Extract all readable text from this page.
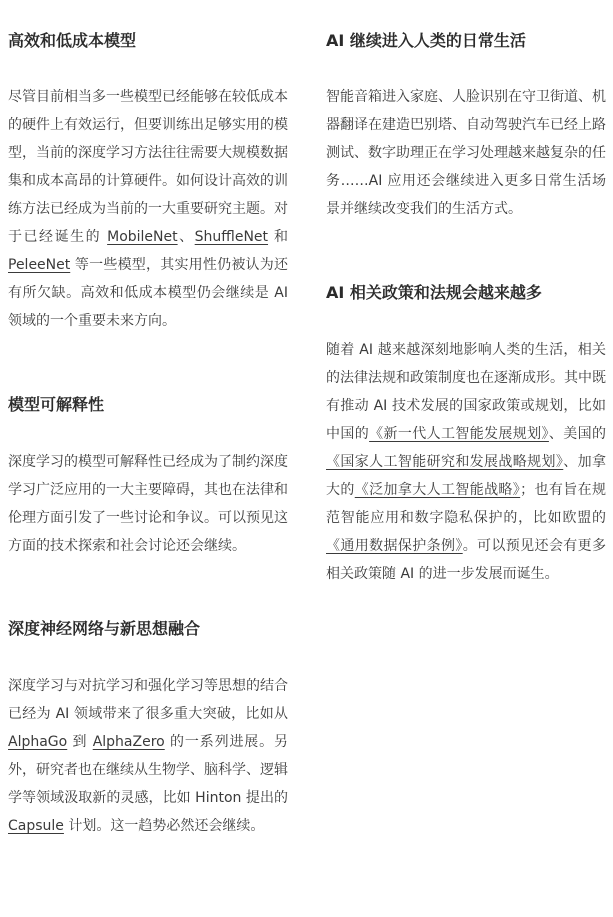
高效和低成本模型

尽管目前相当多一些模型已经能够在较低成本的硬件上有效运行，但要训练出足够实用的模型，当前的深度学习方法往往需要大规模数据集和成本高昂的计算硬件。如何设计高效的训练方法已经成为当前的一大重要研究主题。对于已经诞生的 MobileNet、ShuffleNet 和 PeleeNet 等一些模型，其实用性仍被认为还有所欠缺。高效和低成本模型仍会继续是 AI 领域的一个重要未来方向。

模型可解释性

深度学习的模型可解释性已经成为了制约深度学习广泛应用的一大主要障碍，其也在法律和伦理方面引发了一些讨论和争议。可以预见这方面的技术探索和社会讨论还会继续。

深度神经网络与新思想融合

深度学习与对抗学习和强化学习等思想的结合已经为 AI 领域带来了很多重大突破，比如从 AlphaGo 到 AlphaZero 的一系列进展。另外，研究者也在继续从生物学、脑科学、逻辑学等领域汲取新的灵感，比如 Hinton 提出的 Capsule 计划。这一趋势必然还会继续。

AI 继续进入人类的日常生活

智能音箱进入家庭、人脸识别在守卫街道、机器翻译在建造巴别塔、自动驾驶汽车已经上路测试、数字助理正在学习处理越来越复杂的任务……AI 应用还会继续进入更多日常生活场景并继续改变我们的生活方式。

AI 相关政策和法规会越来越多

随着 AI 越来越深刻地影响人类的生活，相关的法律法规和政策制度也在逐渐成形。其中既有推动 AI 技术发展的国家政策或规划，比如中国的《新一代人工智能发展规划》、美国的《国家人工智能研究和发展战略规划》、加拿大的《泛加拿大人工智能战略》；也有旨在规范智能应用和数字隐私保护的，比如欧盟的《通用数据保护条例》。可以预见还会有更多相关政策随 AI 的进一步发展而诞生。
